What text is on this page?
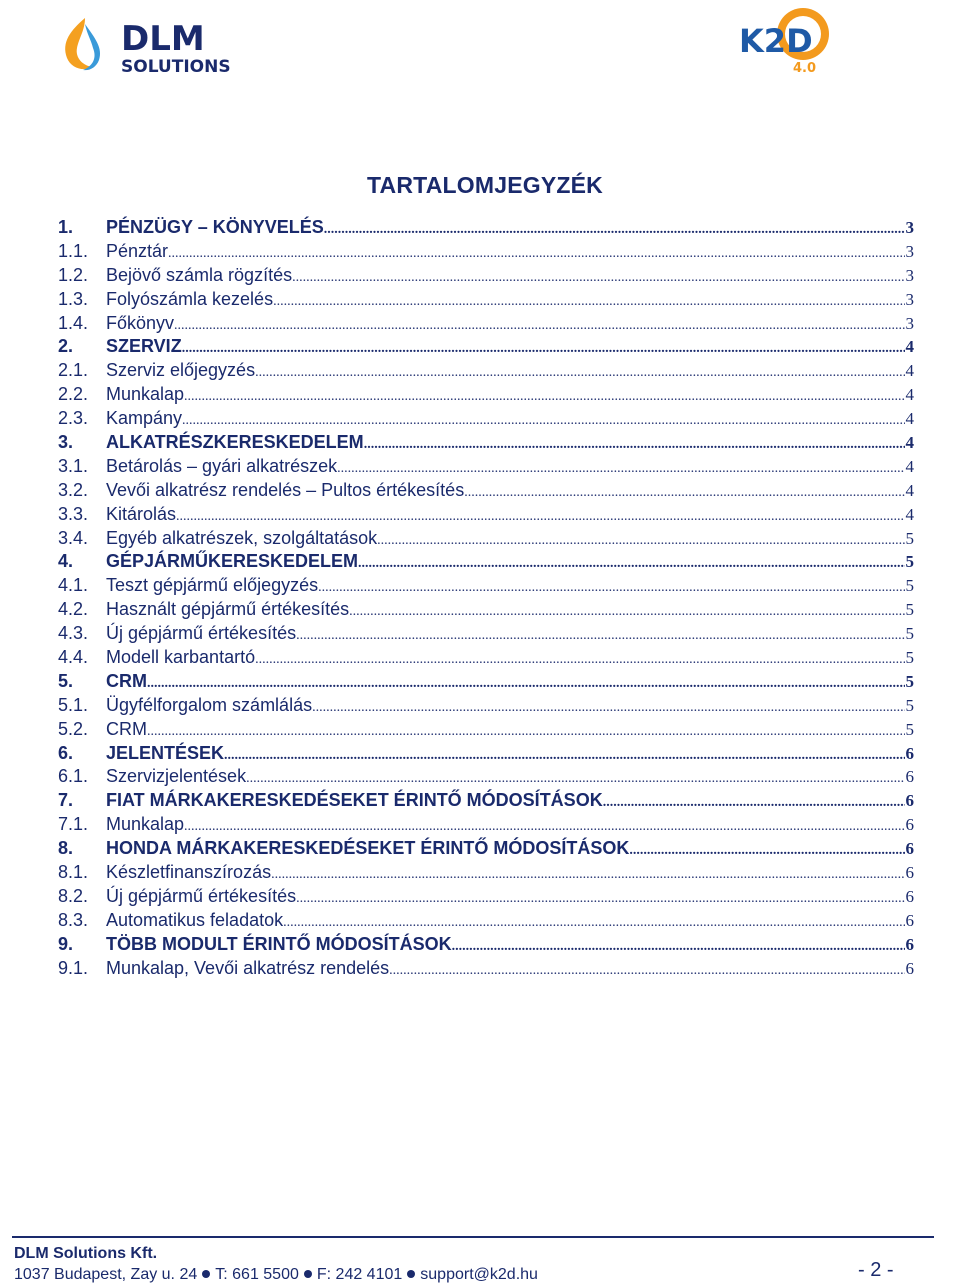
DLM
SOLUTIONS
K2D
4.0
TARTALOMJEGYZÉK
1.	PÉNZÜGY – KÖNYVELÉS .....	3
1.1. Pénztár .....	3
1.2. Bejövő számla rögzítés .....	3
1.3. Folyószámla kezelés .....	3
1.4. Főkönyv .....	3
2.	SZERVIZ .....	4
2.1. Szerviz előjegyzés .....	4
2.2. Munkalap .....	4
2.3. Kampány .....	4
3.	ALKATRÉSZKERESKEDELEM .....	4
3.1. Betárolás – gyári alkatrészek .....	4
3.2. Vevői alkatrész rendelés – Pultos értékesítés .....	4
3.3. Kitárolás .....	4
3.4. Egyéb alkatrészek, szolgáltatások .....	5
4.	GÉPJÁRMŰKERESKEDELEM .....	5
4.1. Teszt gépjármű előjegyzés .....	5
4.2. Használt gépjármű értékesítés .....	5
4.3. Új gépjármű értékesítés .....	5
4.4. Modell karbantartó .....	5
5.	CRM .....	5
5.1. Ügyfélforgalom számlálás .....	5
5.2. CRM .....	5
6.	JELENTÉSEK .....	6
6.1. Szervizjelentések .....	6
7.	FIAT MÁRKAKERESKEDÉSEKET ÉRINTŐ MÓDOSÍTÁSOK .....	6
7.1. Munkalap .....	6
8.	HONDA MÁRKAKERESKEDÉSEKET ÉRINTŐ MÓDOSÍTÁSOK .....	6
8.1. Készletfinanszírozás .....	6
8.2. Új gépjármű értékesítés .....	6
8.3. Automatikus feladatok .....	6
9.	TÖBB MODULT ÉRINTŐ MÓDOSÍTÁSOK .....	6
9.1. Munkalap, Vevői alkatrész rendelés .....	6
DLM Solutions Kft.
1037 Budapest, Zay u. 24 T: 661 5500 F: 242 4101 support@k2d.hu	- 2 -
